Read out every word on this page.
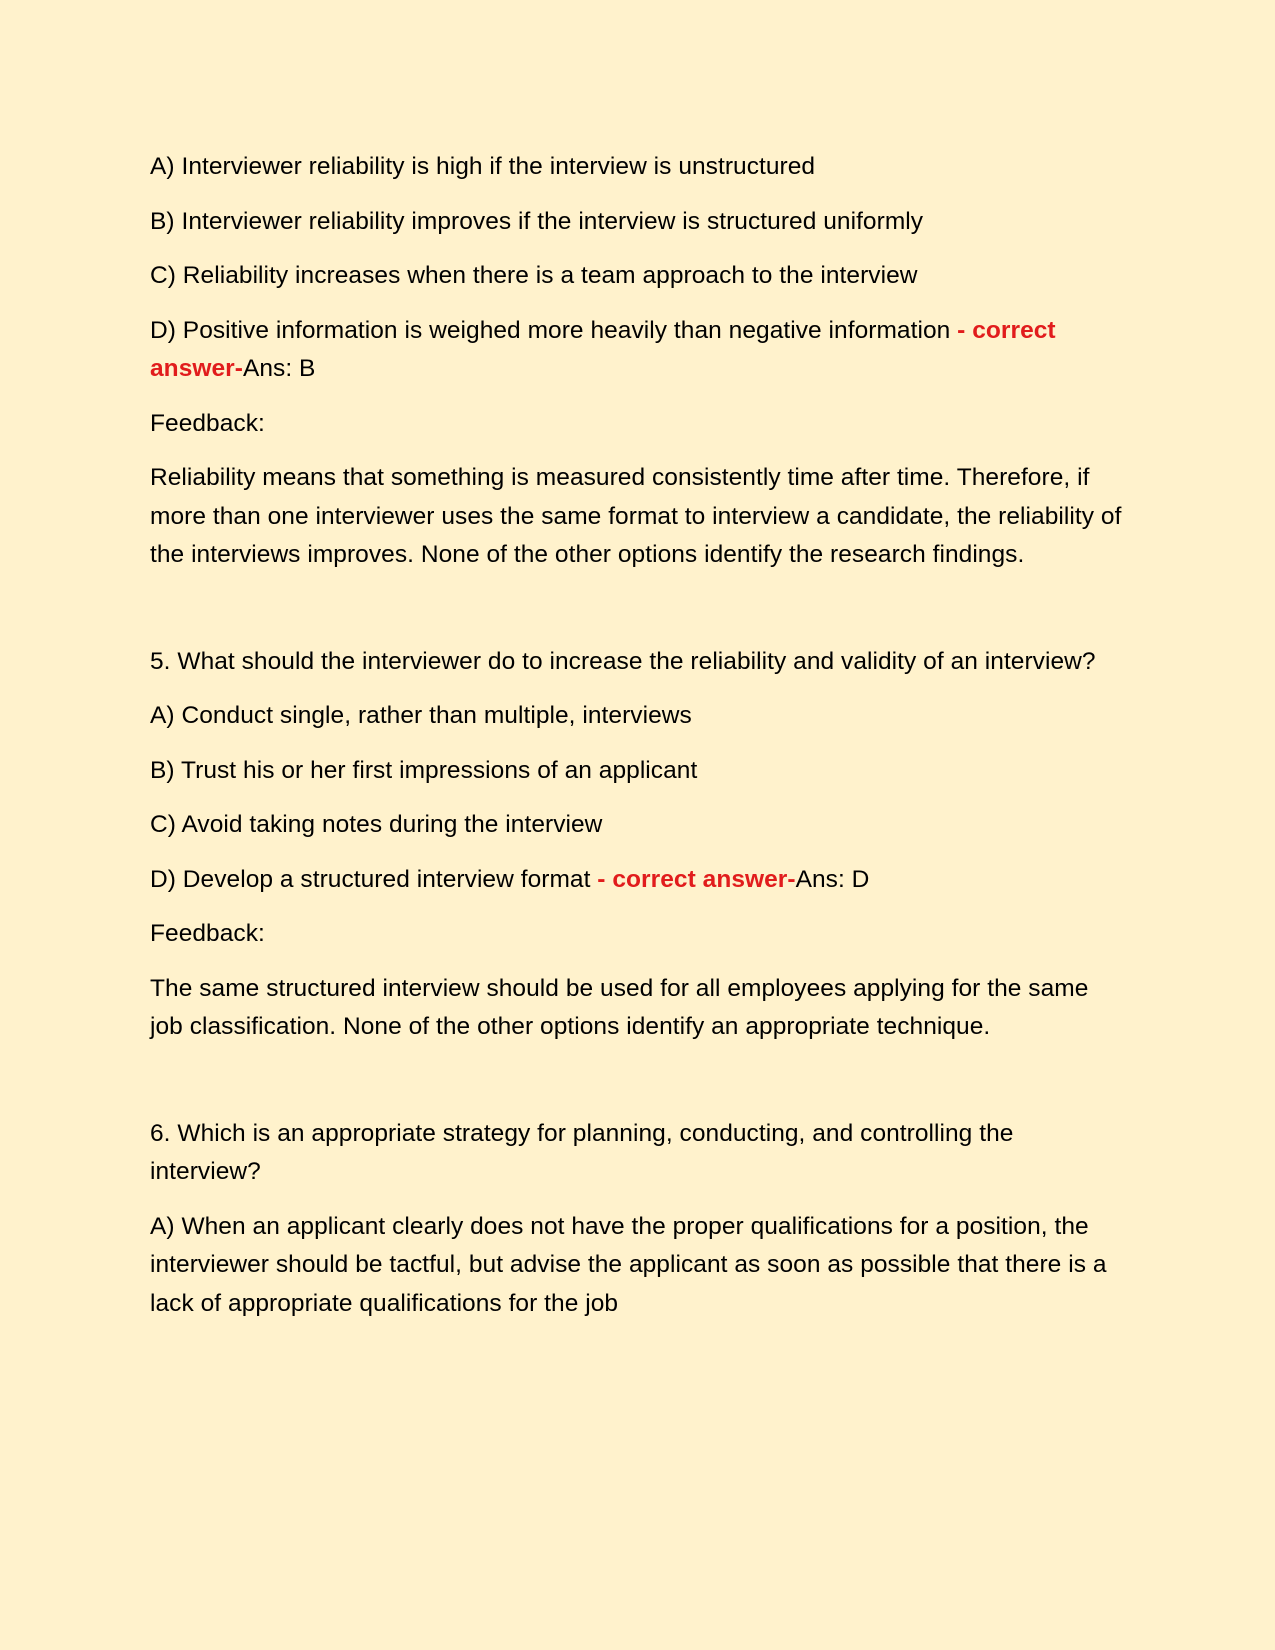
A) Interviewer reliability is high if the interview is unstructured

B) Interviewer reliability improves if the interview is structured uniformly

C) Reliability increases when there is a team approach to the interview

D) Positive information is weighed more heavily than negative information - correct answer-Ans: B

Feedback:

Reliability means that something is measured consistently time after time. Therefore, if more than one interviewer uses the same format to interview a candidate, the reliability of the interviews improves. None of the other options identify the research findings.

5. What should the interviewer do to increase the reliability and validity of an interview?

A) Conduct single, rather than multiple, interviews

B) Trust his or her first impressions of an applicant

C) Avoid taking notes during the interview

D) Develop a structured interview format - correct answer-Ans: D

Feedback:

The same structured interview should be used for all employees applying for the same job classification. None of the other options identify an appropriate technique.

6. Which is an appropriate strategy for planning, conducting, and controlling the interview?

A) When an applicant clearly does not have the proper qualifications for a position, the interviewer should be tactful, but advise the applicant as soon as possible that there is a lack of appropriate qualifications for the job
